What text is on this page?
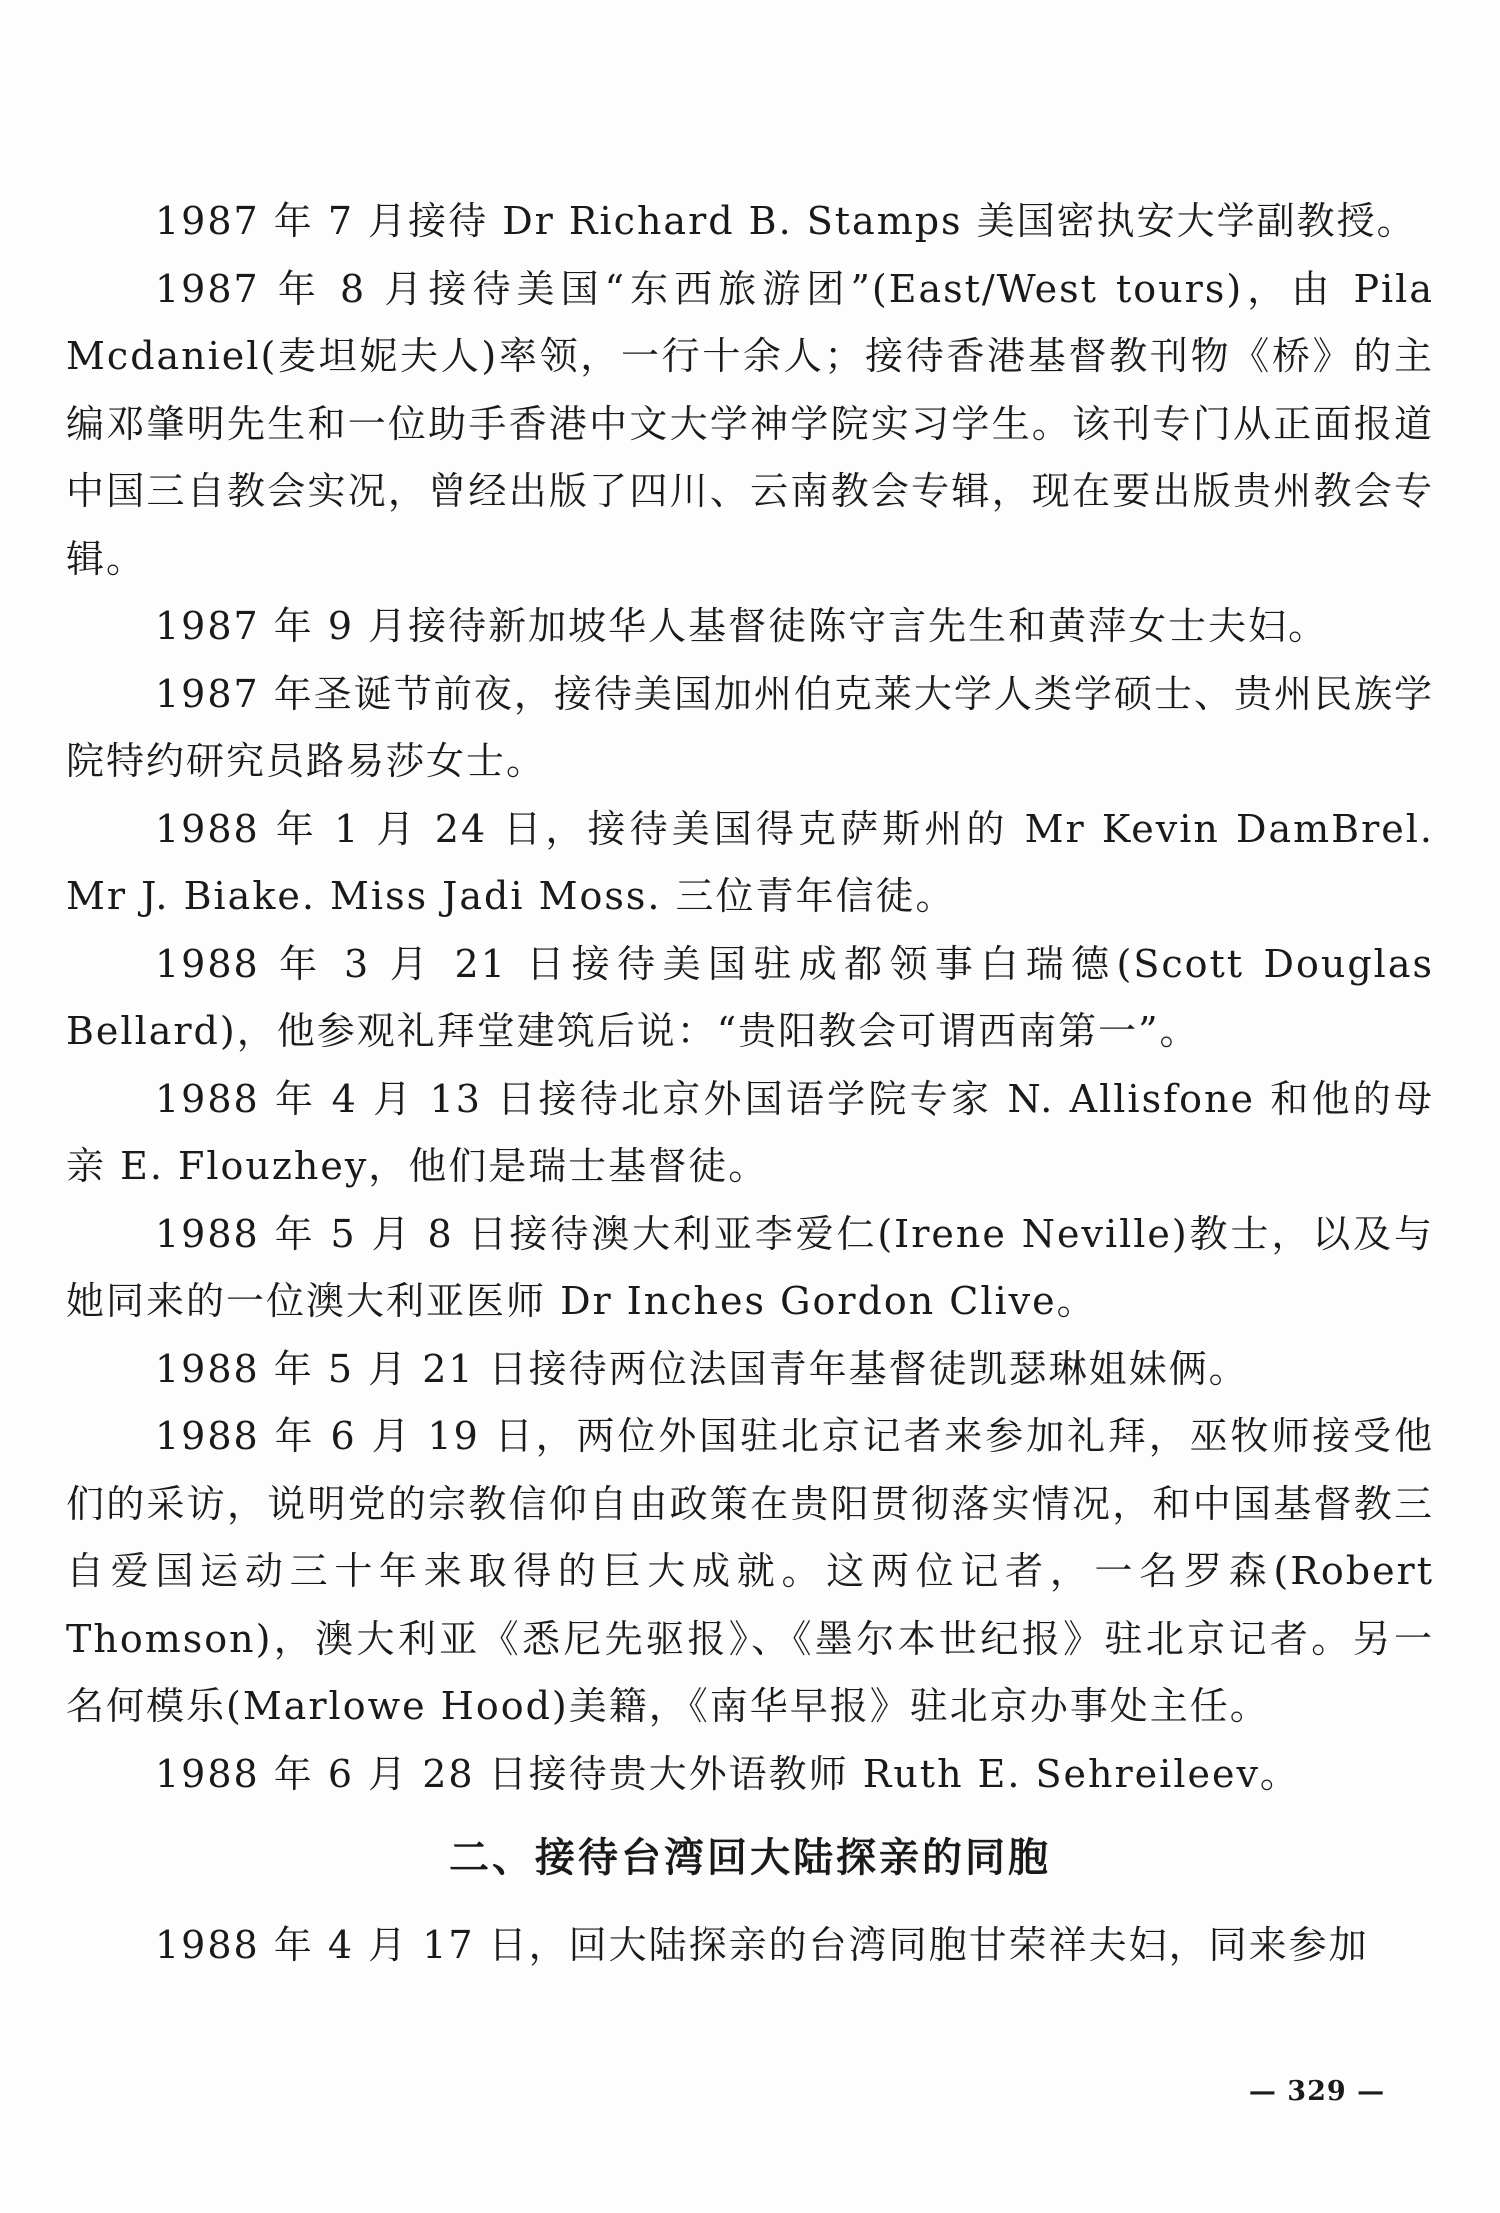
1987 年 7 月接待 Dr Richard B. Stamps 美国密执安大学副教授。

1987 年 8 月接待美国“东西旅游团”(East/West tours)，由 Pila Mcdaniel(麦坦妮夫人)率领，一行十余人；接待香港基督教刊物《桥》的主编邓肇明先生和一位助手香港中文大学神学院实习学生。该刊专门从正面报道中国三自教会实况，曾经出版了四川、云南教会专辑，现在要出版贵州教会专辑。

1987 年 9 月接待新加坡华人基督徒陈守言先生和黄萍女士夫妇。

1987 年圣诞节前夜，接待美国加州伯克莱大学人类学硕士、贵州民族学院特约研究员路易莎女士。

1988 年 1 月 24 日，接待美国得克萨斯州的 Mr Kevin DamBrel. Mr J. Biake. Miss Jadi Moss. 三位青年信徒。

1988 年 3 月 21 日接待美国驻成都领事白瑞德(Scott Douglas Bellard)，他参观礼拜堂建筑后说：“贵阳教会可谓西南第一”。

1988 年 4 月 13 日接待北京外国语学院专家 N. Allisfone 和他的母亲 E. Flouzhey，他们是瑞士基督徒。

1988 年 5 月 8 日接待澳大利亚李爱仁(Irene Neville)教士，以及与她同来的一位澳大利亚医师 Dr Inches Gordon Clive。

1988 年 5 月 21 日接待两位法国青年基督徒凯瑟琳姐妹俩。

1988 年 6 月 19 日，两位外国驻北京记者来参加礼拜，巫牧师接受他们的采访，说明党的宗教信仰自由政策在贵阳贯彻落实情况，和中国基督教三自爱国运动三十年来取得的巨大成就。这两位记者，一名罗森(Robert Thomson)，澳大利亚《悉尼先驱报》、《墨尔本世纪报》驻北京记者。另一名何模乐(Marlowe Hood)美籍，《南华早报》驻北京办事处主任。

1988 年 6 月 28 日接待贵大外语教师 Ruth E. Sehreileev。

二、接待台湾回大陆探亲的同胞

1988 年 4 月 17 日，回大陆探亲的台湾同胞甘荣祥夫妇，同来参加

— 329 —
